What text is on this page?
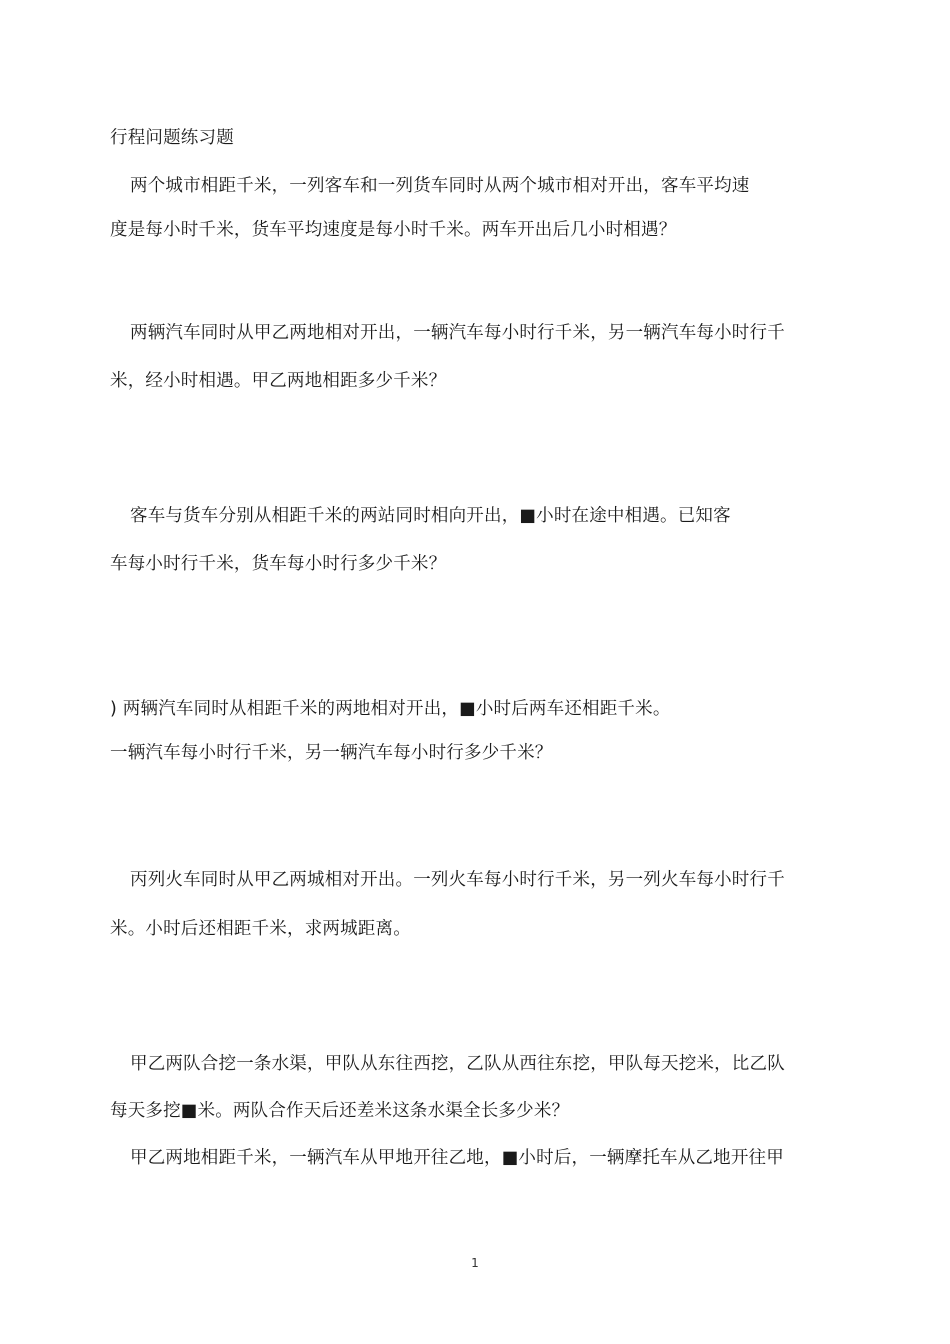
行程问题练习题
两个城市相距千米，一列客车和一列货车同时从两个城市相对开出，客车平均速
度是每小时千米，货车平均速度是每小时千米。两车开出后几小时相遇？
两辆汽车同时从甲乙两地相对开出，一辆汽车每小时行千米，另一辆汽车每小时行千
米，经小时相遇。甲乙两地相距多少千米？
客车与货车分别从相距千米的两站同时相向开出，■小时在途中相遇。已知客
车每小时行千米，货车每小时行多少千米？
) 两辆汽车同时从相距千米的两地相对开出，■小时后两车还相距千米。
一辆汽车每小时行千米，另一辆汽车每小时行多少千米？
丙列火车同时从甲乙两城相对开出。一列火车每小时行千米，另一列火车每小时行千
米。小时后还相距千米，求两城距离。
甲乙两队合挖一条水渠，甲队从东往西挖，乙队从西往东挖，甲队每天挖米，比乙队
每天多挖■米。两队合作天后还差米这条水渠全长多少米？
甲乙两地相距千米，一辆汽车从甲地开往乙地，■小时后，一辆摩托车从乙地开往甲
1
